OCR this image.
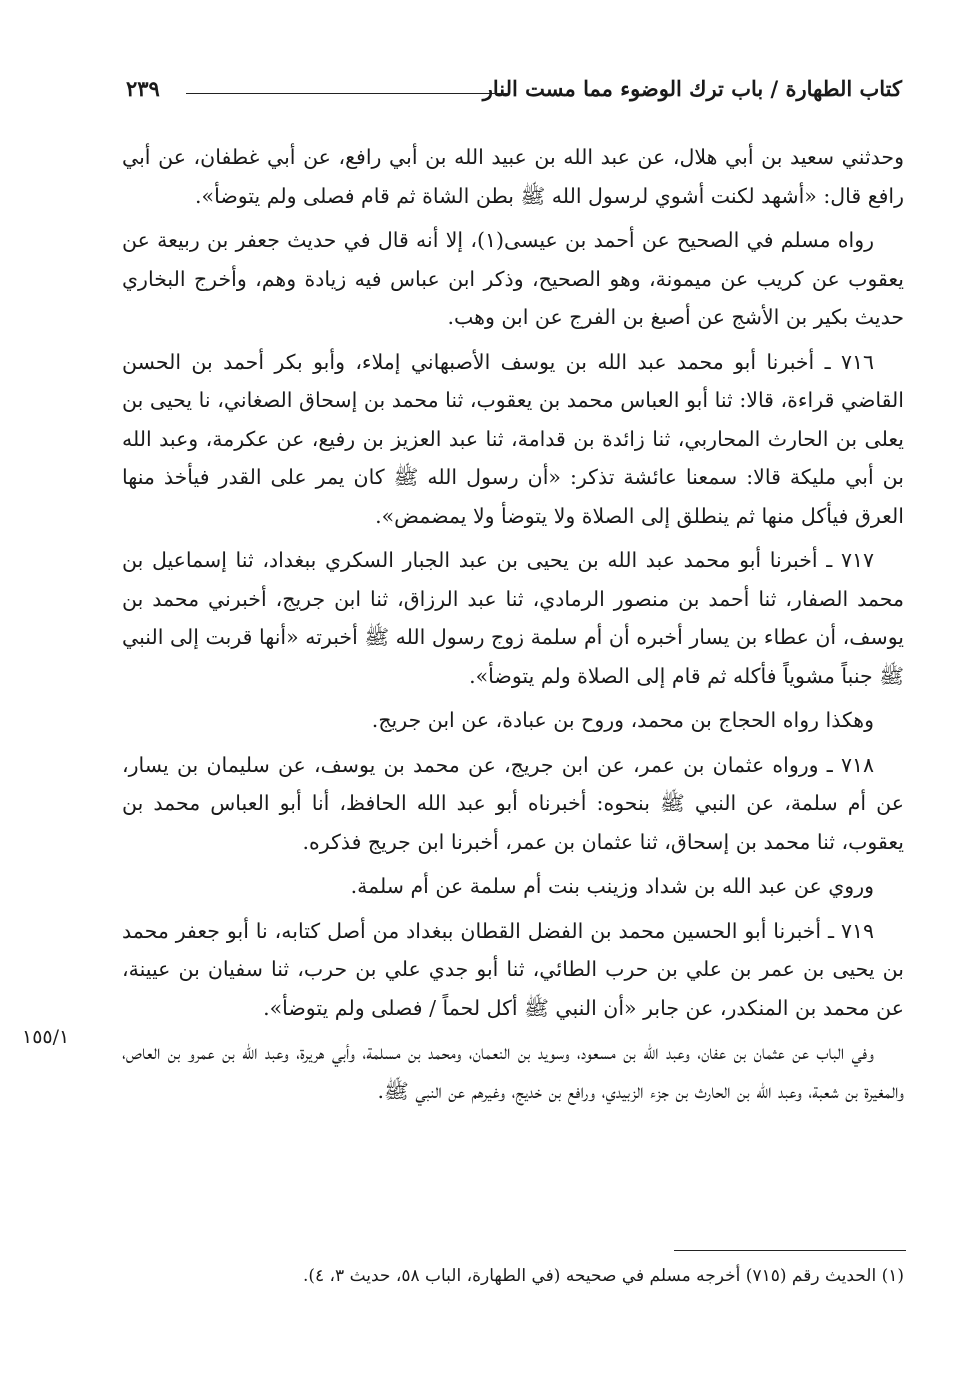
كتاب الطهارة / باب ترك الوضوء مما مست النار
٢٣٩

وحدثني سعيد بن أبي هلال، عن عبد الله بن عبيد الله بن أبي رافع، عن أبي غطفان، عن أبي رافع قال: «أشهد لكنت أشوي لرسول الله ﷺ بطن الشاة ثم قام فصلى ولم يتوضأ».

رواه مسلم في الصحيح عن أحمد بن عيسى(١)، إلا أنه قال في حديث جعفر بن ربيعة عن يعقوب عن كريب عن ميمونة، وهو الصحيح، وذكر ابن عباس فيه زيادة وهم، وأخرج البخاري حديث بكير بن الأشج عن أصبغ بن الفرج عن ابن وهب.

٧١٦ ـ أخبرنا أبو محمد عبد الله بن يوسف الأصبهاني إملاء، وأبو بكر أحمد بن الحسن القاضي قراءة، قالا: ثنا أبو العباس محمد بن يعقوب، ثنا محمد بن إسحاق الصغاني، نا يحيى بن يعلى بن الحارث المحاربي، ثنا زائدة بن قدامة، ثنا عبد العزيز بن رفيع، عن عكرمة، وعبد الله بن أبي مليكة قالا: سمعنا عائشة تذكر: «أن رسول الله ﷺ كان يمر على القدر فيأخذ منها العرق فيأكل منها ثم ينطلق إلى الصلاة ولا يتوضأ ولا يمضمض».

٧١٧ ـ أخبرنا أبو محمد عبد الله بن يحيى بن عبد الجبار السكري ببغداد، ثنا إسماعيل بن محمد الصفار، ثنا أحمد بن منصور الرمادي، ثنا عبد الرزاق، ثنا ابن جريج، أخبرني محمد بن يوسف، أن عطاء بن يسار أخبره أن أم سلمة زوج رسول الله ﷺ أخبرته «أنها قربت إلى النبي ﷺ جنباً مشوياً فأكله ثم قام إلى الصلاة ولم يتوضأ».

وهكذا رواه الحجاج بن محمد، وروح بن عبادة، عن ابن جريج.

٧١٨ ـ ورواه عثمان بن عمر، عن ابن جريج، عن محمد بن يوسف، عن سليمان بن يسار، عن أم سلمة، عن النبي ﷺ بنحوه: أخبرناه أبو عبد الله الحافظ، أنا أبو العباس محمد بن يعقوب، ثنا محمد بن إسحاق، ثنا عثمان بن عمر، أخبرنا ابن جريج فذكره.

وروي عن عبد الله بن شداد وزينب بنت أم سلمة عن أم سلمة.

٧١٩ ـ أخبرنا أبو الحسين محمد بن الفضل القطان ببغداد من أصل كتابه، نا أبو جعفر محمد بن يحيى بن عمر بن علي بن حرب الطائي، ثنا أبو جدي علي بن حرب، ثنا سفيان بن عيينة، عن محمد بن المنكدر، عن جابر «أن النبي ﷺ أكل لحماً / فصلى ولم يتوضأ».

وفي الباب عن عثمان بن عفان، وعبد الله بن مسعود، وسويد بن النعمان، ومحمد بن مسلمة، وأبي هريرة، وعبد الله بن عمرو بن العاص، والمغيرة بن شعبة، وعبد الله بن الحارث بن جزء الزبيدي، ورافع بن خديج، وغيرهم عن النبي ﷺ.

١٥٥/١
(١) الحديث رقم (٧١٥) أخرجه مسلم في صحيحه (في الطهارة، الباب ٥٨، حديث ٣، ٤).
